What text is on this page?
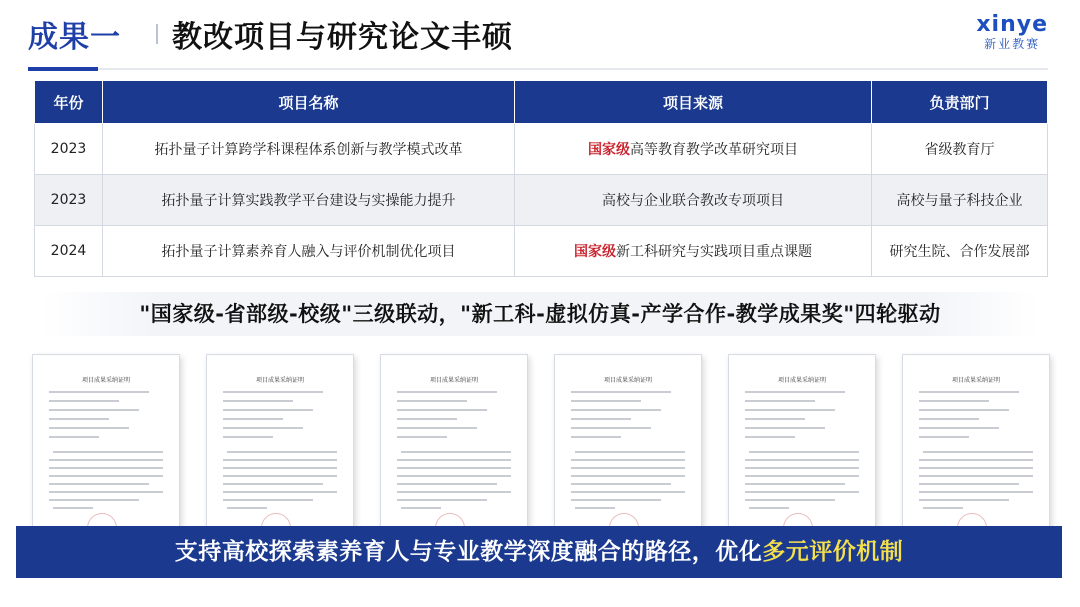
成果一 教改项目与研究论文丰硕	xinye
新业教赛
年份	项目名称	项目来源	负责部门
2023	拓扑量子计算跨学科课程体系创新与教学模式改革	国家级高等教育教学改革研究项目	省级教育厅
2023	拓扑量子计算实践教学平台建设与实操能力提升	高校与企业联合教改专项项目	高校与量子科技企业
2024	拓扑量子计算素养育人融入与评价机制优化项目	国家级新工科研究与实践项目重点课题	研究生院、合作发展部
"国家级-省部级-校级"三级联动，"新工科-虚拟仿真-产学合作-教学成果奖"四轮驱动
项目成果采纳证明	项目成果采纳证明	项目成果采纳证明	项目成果采纳证明	项目成果采纳证明	项目成果采纳证明
支持高校探索素养育人与专业教学深度融合的路径，优化多元评价机制
